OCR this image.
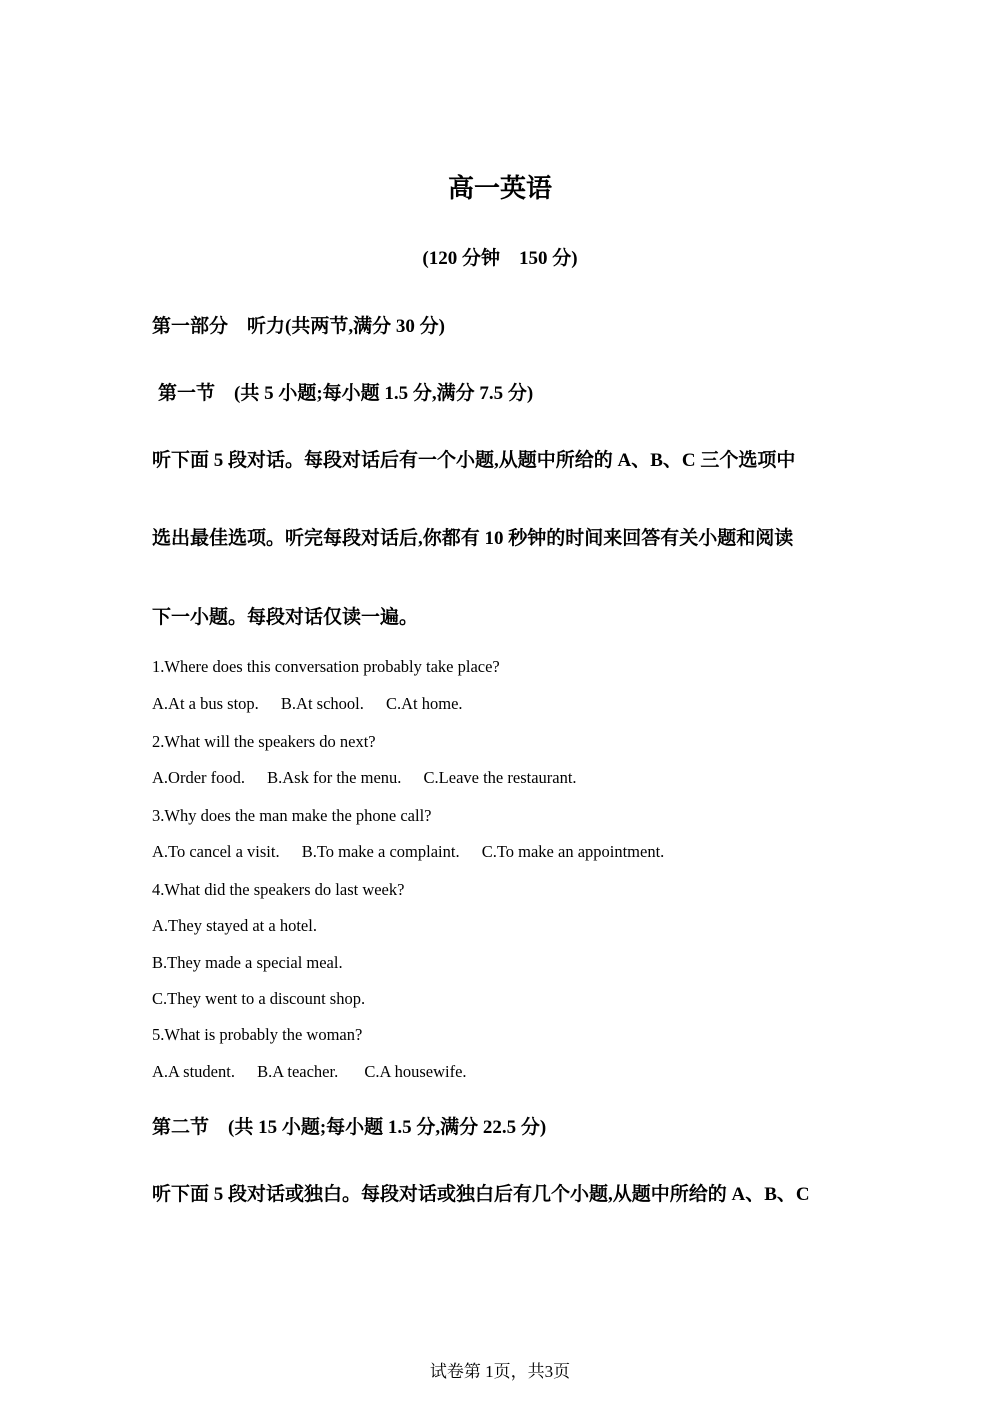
高一英语

(120 分钟　150 分)

第一部分　听力(共两节,满分 30 分)

第一节　(共 5 小题;每小题 1.5 分,满分 7.5 分)

听下面 5 段对话。每段对话后有一个小题,从题中所给的 A、B、C 三个选项中

选出最佳选项。听完每段对话后,你都有 10 秒钟的时间来回答有关小题和阅读

下一小题。每段对话仅读一遍。

1.Where does this conversation probably take place?

A.At a bus stop. B.At school. C.At home.

2.What will the speakers do next?

A.Order food. B.Ask for the menu. C.Leave the restaurant.

3.Why does the man make the phone call?

A.To cancel a visit. B.To make a complaint. C.To make an appointment.

4.What did the speakers do last week?

A.They stayed at a hotel.

B.They made a special meal.

C.They went to a discount shop.

5.What is probably the woman?

A.A student. B.A teacher. C.A housewife.

第二节　(共 15 小题;每小题 1.5 分,满分 22.5 分)

听下面 5 段对话或独白。每段对话或独白后有几个小题,从题中所给的 A、B、C

试卷第 1页，共3页
